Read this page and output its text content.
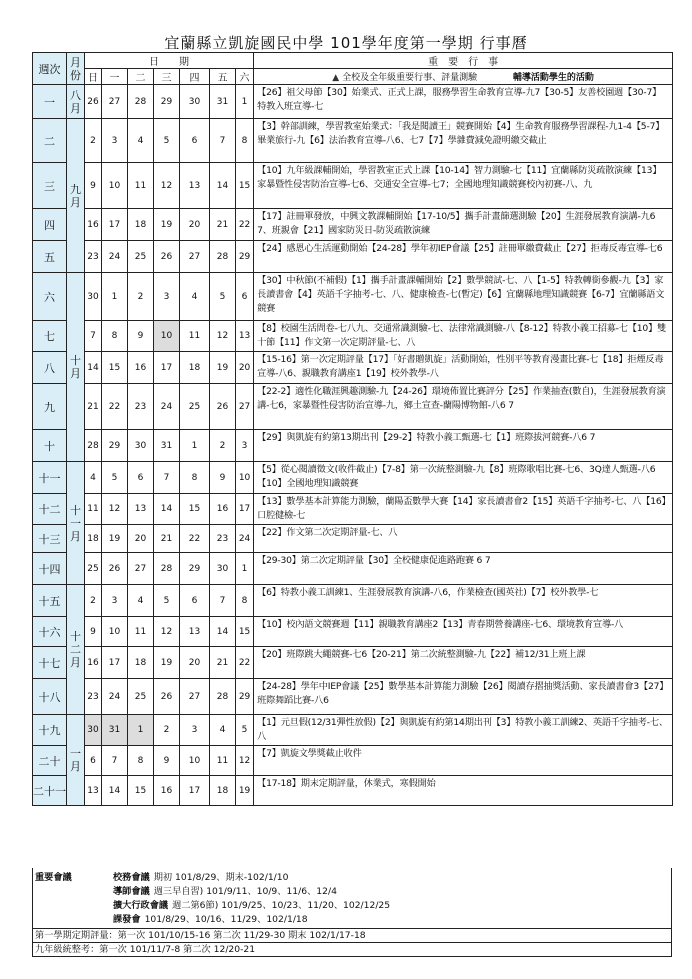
宜蘭縣立凱旋國民中學 101學年度第一學期 行事曆
週次	月份	日　　期							重　要　行　事
		日	一	二	三	四	五	六	▲ 全校及全年級重要行事、評量測驗 輔導活動學生的活動
一	八月	26	27	28	29	30	31	1	【26】祖父母節【30】始業式、正式上課，服務學習生命教育宣導-九7【30-5】友善校園週【30-7】特教入班宣導-七
二	九月	2	3	4	5	6	7	8	【3】幹部訓練，學習教室始業式：「我是閱讀王」競賽開始【4】生命教育服務學習課程-九1-4【5-7】畢業旅行-九【6】法治教育宣導-八6、七7【7】學雜費減免證明繳交截止
三		9	10	11	12	13	14	15	【10】九年級課輔開始，學習教室正式上課【10-14】智力測驗-七【11】宜蘭縣防災疏散演練【13】家暴暨性侵害防治宣導-七6、交通安全宣導-七7；全國地理知識競賽校內初賽-八、九
四		16	17	18	19	20	21	22	【17】註冊單發放，中興文教課輔開始【17-10/5】攜手計畫篩選測驗【20】生涯發展教育演講-九6 7、班親會【21】國家防災日-防災疏散演練
五		23	24	25	26	27	28	29	【24】感恩心生活運動開始【24-28】學年初IEP會議【25】註冊單繳費截止【27】拒毒反毒宣導-七6
六	十月	30	1	2	3	4	5	6	【30】中秋節(不補假)【1】攜手計畫課輔開始【2】數學競試-七、八【1-5】特教轉銜參觀-九【3】家長讀書會【4】英語千字抽考-七、八、健康檢查-七(暫定)【6】宜蘭縣地理知識競賽【6-7】宜蘭縣語文競賽
七		7	8	9	10	11	12	13	【8】校園生活問卷-七八九、交通常識測驗-七、法律常識測驗-八【8-12】特教小義工招募-七【10】雙十節【11】作文第一次定期評量-七、八
八		14	15	16	17	18	19	20	【15-16】第一次定期評量【17】「好書贈凱旋」活動開始，性別平等教育漫畫比賽-七【18】拒煙反毒宣導-八6、親職教育講座1【19】校外教學-八
九		21	22	23	24	25	26	27	【22-2】適性化職涯興趣測驗-九【24-26】環境佈置比賽評分【25】作業抽查(數自)，生涯發展教育演講-七6，家暴暨性侵害防治宣導-九，鄉土宣查-蘭陽博物館-八6 7
十		28	29	30	31	1	2	3	【29】與凱旋有約第13期出刊【29-2】特教小義工甄選-七【1】班際拔河競賽-八6 7
十一	十一月	4	5	6	7	8	9	10	【5】從心閱讀徵文(收件截止)【7-8】第一次統整測驗-九【8】班際歌唱比賽-七6、3Q達人甄選-八6【10】全國地理知識競賽
十二		11	12	13	14	15	16	17	【13】數學基本計算能力測驗，蘭陽盃數學大賽【14】家長讀書會2【15】英語千字抽考-七、八【16】口腔健檢-七
十三		18	19	20	21	22	23	24	【22】作文第二次定期評量-七、八
十四		25	26	27	28	29	30	1	【29-30】第二次定期評量【30】全校健康促進路跑賽 6 7
十五	十二月	2	3	4	5	6	7	8	【6】特教小義工訓練1、生涯發展教育演講-八6，作業檢查(國英社)【7】校外教學-七
十六		9	10	11	12	13	14	15	【10】校內語文競賽週【11】親職教育講座2【13】青春期營養講座-七6、環境教育宣導-八
十七		16	17	18	19	20	21	22	【20】班際跳大繩競賽-七6【20-21】第二次統整測驗-九【22】補12/31上班上課
十八		23	24	25	26	27	28	29	【24-28】學年中IEP會議【25】數學基本計算能力測驗【26】閱讀存摺抽獎活動、家長讀書會3【27】班際舞蹈比賽-八6
十九	一月	30	31	1	2	3	4	5	【1】元旦假(12/31彈性放假)【2】與凱旋有約第14期出刊【3】特教小義工訓練2、英語千字抽考-七、八
二十		6	7	8	9	10	11	12	【7】凱旋文學獎截止收件
二十一		13	14	15	16	17	18	19	【17-18】期末定期評量，休業式，寒假開始
重要會議	校務會議 期初 101/8/29、期末-102/1/10
導師會議 週三早自習) 101/9/11、10/9、11/6、12/4
擴大行政會議 週二第6節) 101/9/25、10/23、11/20、102/12/25
課發會 101/8/29、10/16、11/29、102/1/18
第一學期定期評量：第一次 101/10/15-16 第二次 11/29-30 期末 102/1/17-18
九年級統整考：第一次 101/11/7-8 第二次 12/20-21
